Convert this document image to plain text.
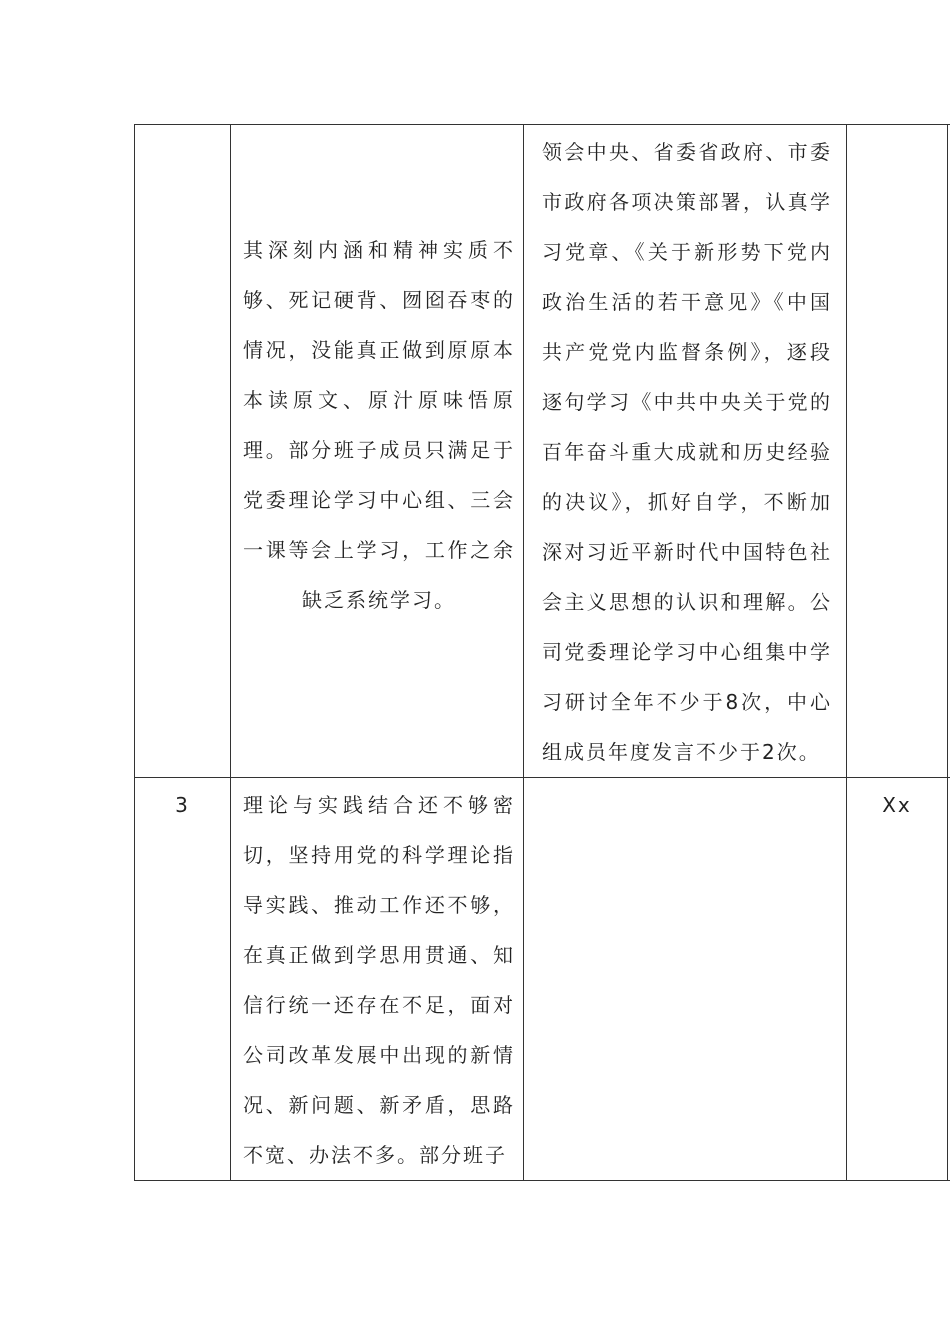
	其深刻内涵和精神实质不够、死记硬背、囫囵吞枣的情况，没能真正做到原原本本读原文、原汁原味悟原理。部分班子成员只满足于党委理论学习中心组、三会一课等会上学习，工作之余缺乏系统学习。	领会中央、省委省政府、市委市政府各项决策部署，认真学习党章、《关于新形势下党内政治生活的若干意见》《中国共产党党内监督条例》，逐段逐句学习《中共中央关于党的百年奋斗重大成就和历史经验的决议》，抓好自学，不断加深对习近平新时代中国特色社会主义思想的认识和理解。公司党委理论学习中心组集中学习研讨全年不少于8次，中心组成员年度发言不少于2次。		

3	理论与实践结合还不够密切，坚持用党的科学理论指导实践、推动工作还不够，在真正做到学思用贯通、知信行统一还存在不足，面对公司改革发展中出现的新情况、新问题、新矛盾，思路不宽、办法不多。部分班子		Xx	
